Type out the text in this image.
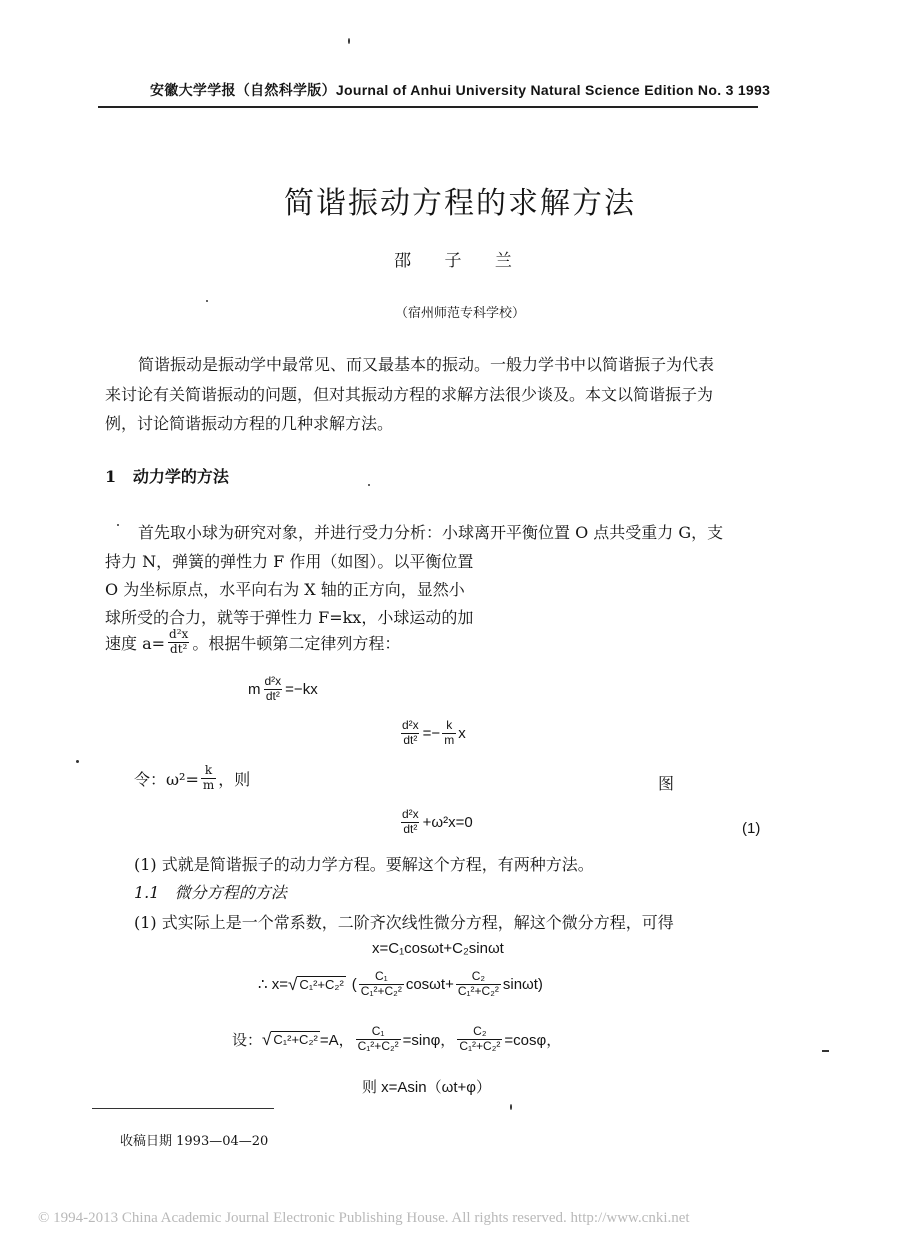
安徽大学学报（自然科学版）Journal of Anhui University Natural Science Edition No. 3 1993
简谐振动方程的求解方法
邵 子 兰
（宿州师范专科学校）
简谐振动是振动学中最常见、而又最基本的振动。一般力学书中以简谐振子为代表
来讨论有关简谐振动的问题，但对其振动方程的求解方法很少谈及。本文以简谐振子为
例，讨论简谐振动方程的几种求解方法。
1 动力学的方法
首先取小球为研究对象，并进行受力分析：小球离开平衡位置 O 点共受重力 G，支
持力 N，弹簧的弹性力 F 作用（如图）。以平衡位置
O 为坐标原点，水平向右为 X 轴的正方向，显然小
球所受的合力，就等于弹性力 F=kx，小球运动的加
速度 $a= \frac{\text{d²x}}{\text{dt²}}$ 。根据牛顿第二定律列方程：
m $\frac{\text{d²x}}{\text{dt²}} =-kx$
$\frac{\text{d²x}}{\text{dt²}} =- \frac{k}{m}$ x
令：$\omega^2= \frac{k}{m}$ ，则	图
$\frac{\text{d²x}}{\text{dt²}} +\omega^2x=0$	(1)
(1) 式就是简谐振子的动力学方程。要解这个方程，有两种方法。
1.1 微分方程的方法
(1) 式实际上是一个常系数，二阶齐次线性微分方程，解这个微分方程，可得
x=C₁cosωt+C₂sinωt
∴ x= √ C₁²+C₂² ( $\frac{\text{C₁}}{\text{C₁²+C₂²}} \cos\omega t+ \frac{\text{C₂}}{\text{C₁²+C₂²}} \sin\omega t$)
设： √ C₁²+C₂² =A， $\frac{\text{C₁}}{\text{C₁²+C₂²}} =\sin\varphi$， $\frac{\text{C₂}}{\text{C₁²+C₂²}} =\cos\varphi$，
则 x=Asin（ωt+φ）
收稿日期 1993—04—20
© 1994-2013 China Academic Journal Electronic Publishing House. All rights reserved. http://www.cnki.net
